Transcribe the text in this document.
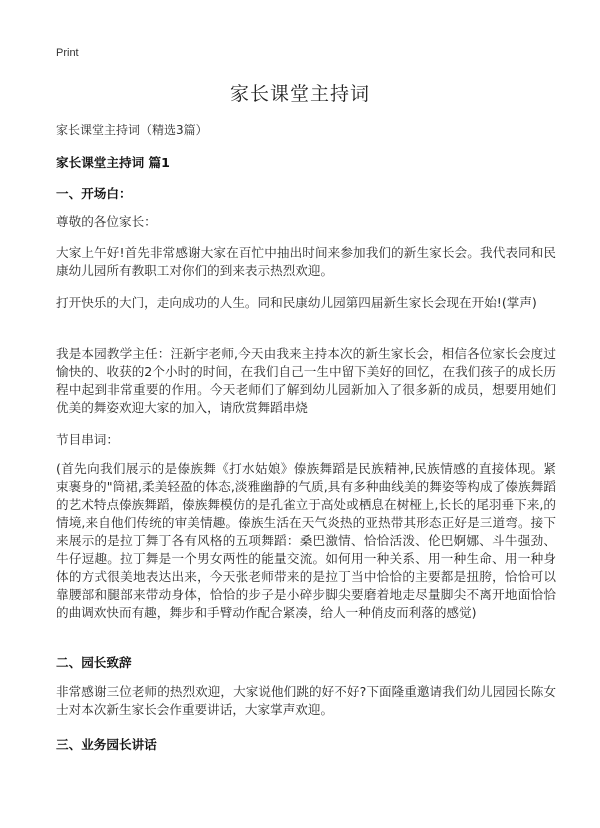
Print
家长课堂主持词
家长课堂主持词（精选3篇）
家长课堂主持词 篇1
一、开场白：
尊敬的各位家长：
大家上午好!首先非常感谢大家在百忙中抽出时间来参加我们的新生家长会。我代表同和民康幼儿园所有教职工对你们的到来表示热烈欢迎。
打开快乐的大门，走向成功的人生。同和民康幼儿园第四届新生家长会现在开始!(掌声)
我是本园教学主任：汪新宇老师,今天由我来主持本次的新生家长会，相信各位家长会度过愉快的、收获的2个小时的时间，在我们自己一生中留下美好的回忆，在我们孩子的成长历程中起到非常重要的作用。今天老师们了解到幼儿园新加入了很多新的成员，想要用她们优美的舞姿欢迎大家的加入，请欣赏舞蹈串烧
节目串词：
(首先向我们展示的是傣族舞《打水姑娘》傣族舞蹈是民族精神,民族情感的直接体现。紧束裹身的"筒裙,柔美轻盈的体态,淡雅幽静的气质,具有多种曲线美的舞姿等构成了傣族舞蹈的艺术特点傣族舞蹈，傣族舞模仿的是孔雀立于高处或栖息在树桠上,长长的尾羽垂下来,的情境,来自他们传统的审美情趣。傣族生活在天气炎热的亚热带其形态正好是三道弯。接下来展示的是拉丁舞丁各有风格的五项舞蹈：桑巴激情、恰恰活泼、伦巴婀娜、斗牛强劲、牛仔逗趣。拉丁舞是一个男女两性的能量交流。如何用一种关系、用一种生命、用一种身体的方式很美地表达出来，今天张老师带来的是拉丁当中恰恰的主要都是扭胯，恰恰可以靠腰部和腿部来带动身体，恰恰的步子是小碎步脚尖要磨着地走尽量脚尖不离开地面恰恰的曲调欢快而有趣，舞步和手臂动作配合紧凑，给人一种俏皮而利落的感觉)
二、园长致辞
非常感谢三位老师的热烈欢迎，大家说他们跳的好不好?下面隆重邀请我们幼儿园园长陈女士对本次新生家长会作重要讲话，大家掌声欢迎。
三、业务园长讲话
